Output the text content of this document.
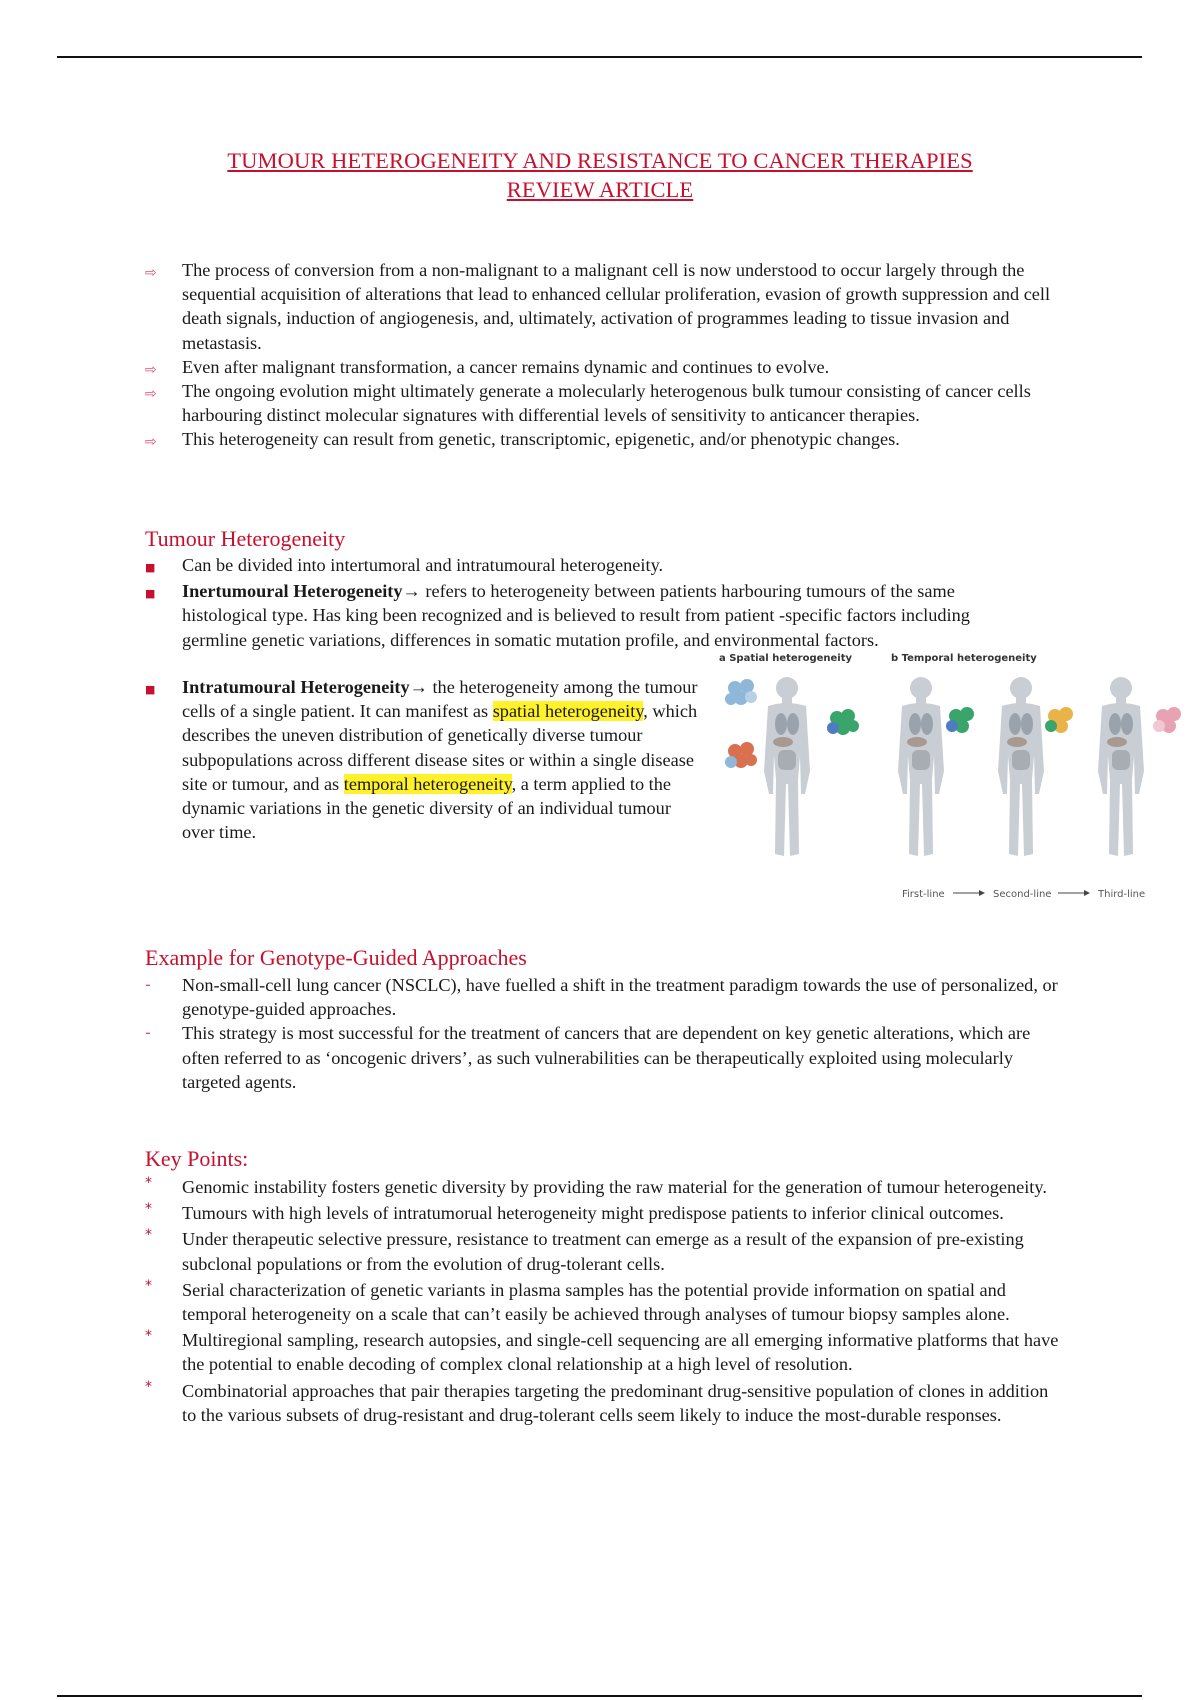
TUMOUR HETEROGENEITY AND RESISTANCE TO CANCER THERAPIES
REVIEW ARTICLE
⇨ The process of conversion from a non-malignant to a malignant cell is now understood to occur largely through the sequential acquisition of alterations that lead to enhanced cellular proliferation, evasion of growth suppression and cell death signals, induction of angiogenesis, and, ultimately, activation of programmes leading to tissue invasion and metastasis.
⇨ Even after malignant transformation, a cancer remains dynamic and continues to evolve.
⇨ The ongoing evolution might ultimately generate a molecularly heterogenous bulk tumour consisting of cancer cells harbouring distinct molecular signatures with differential levels of sensitivity to anticancer therapies.
⇨ This heterogeneity can result from genetic, transcriptomic, epigenetic, and/or phenotypic changes.
Tumour Heterogeneity
■ Can be divided into intertumoral and intratumoural heterogeneity.
■ Inertumoural Heterogeneity→ refers to heterogeneity between patients harbouring tumours of the same histological type. Has king been recognized and is believed to result from patient -specific factors including germline genetic variations, differences in somatic mutation profile, and environmental factors.
■ Intratumoural Heterogeneity→ the heterogeneity among the tumour cells of a single patient. It can manifest as spatial heterogeneity, which describes the uneven distribution of genetically diverse tumour subpopulations across different disease sites or within a single disease site or tumour, and as temporal heterogeneity, a term applied to the dynamic variations in the genetic diversity of an individual tumour over time.
a Spatial heterogeneity	b Temporal heterogeneity
First-line	Second-line	Third-line
Example for Genotype-Guided Approaches
- Non-small-cell lung cancer (NSCLC), have fuelled a shift in the treatment paradigm towards the use of personalized, or genotype-guided approaches.
- This strategy is most successful for the treatment of cancers that are dependent on key genetic alterations, which are often referred to as ‘oncogenic drivers’, as such vulnerabilities can be therapeutically exploited using molecularly targeted agents.
Key Points:
* Genomic instability fosters genetic diversity by providing the raw material for the generation of tumour heterogeneity.
* Tumours with high levels of intratumorual heterogeneity might predispose patients to inferior clinical outcomes.
* Under therapeutic selective pressure, resistance to treatment can emerge as a result of the expansion of pre-existing subclonal populations or from the evolution of drug-tolerant cells.
* Serial characterization of genetic variants in plasma samples has the potential provide information on spatial and temporal heterogeneity on a scale that can’t easily be achieved through analyses of tumour biopsy samples alone.
* Multiregional sampling, research autopsies, and single-cell sequencing are all emerging informative platforms that have the potential to enable decoding of complex clonal relationship at a high level of resolution.
* Combinatorial approaches that pair therapies targeting the predominant drug-sensitive population of clones in addition to the various subsets of drug-resistant and drug-tolerant cells seem likely to induce the most-durable responses.
